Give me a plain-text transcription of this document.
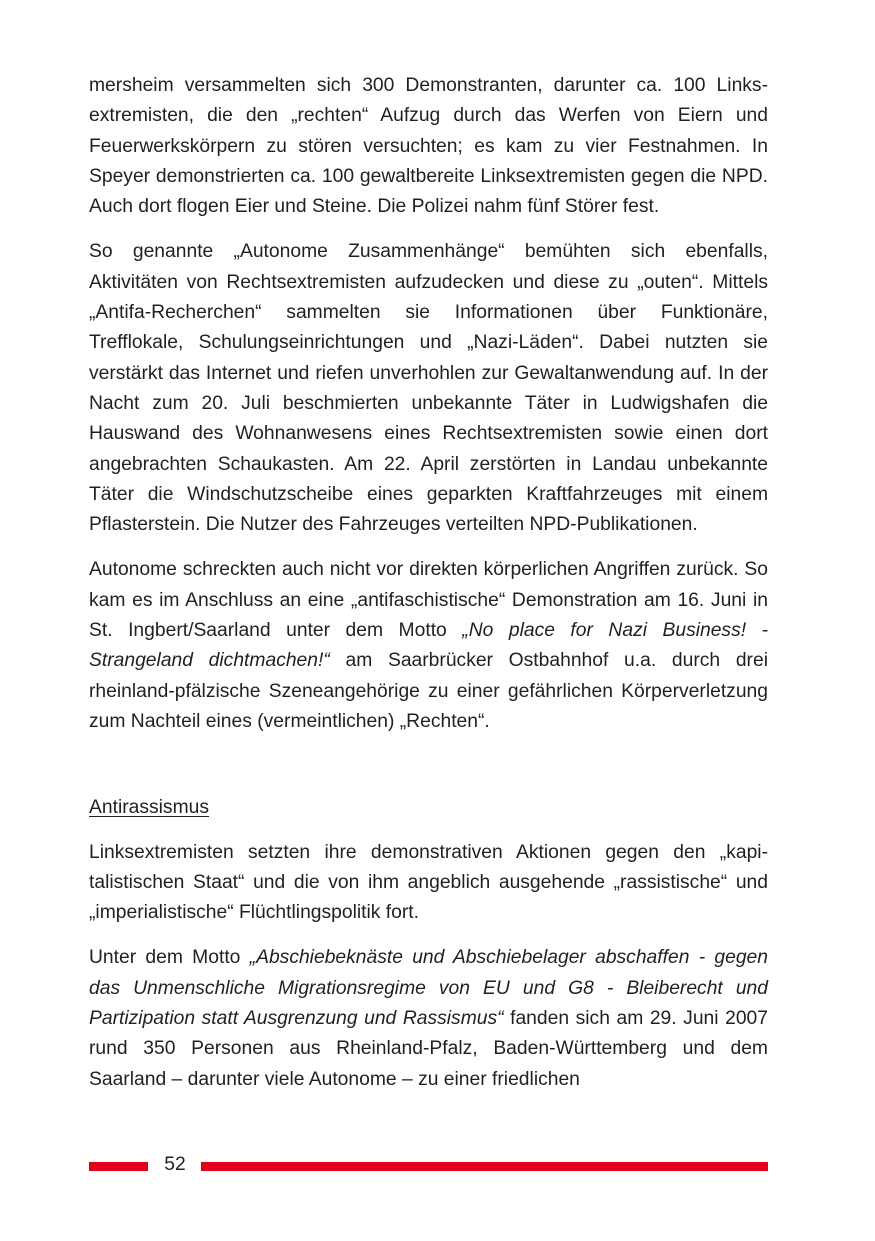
mersheim versammelten sich 300 Demonstranten, darunter ca. 100 Linksextremisten, die den „rechten“ Aufzug durch das Werfen von Eiern und Feuerwerkskörpern zu stören versuchten; es kam zu vier Festnahmen. In Speyer demonstrierten ca. 100 gewaltbereite Linksextremisten gegen die NPD. Auch dort flogen Eier und Steine. Die Polizei nahm fünf Störer fest.

So genannte „Autonome Zusammenhänge“ bemühten sich ebenfalls, Aktivitäten von Rechtsextremisten aufzudecken und diese zu „outen“. Mittels „Antifa-Recherchen“ sammelten sie Informationen über Funktionäre, Trefflokale, Schulungseinrichtungen und „Nazi-Läden“. Dabei nutzten sie verstärkt das Internet und riefen unverhohlen zur Gewaltanwendung auf. In der Nacht zum 20. Juli beschmierten unbekannte Täter in Ludwigshafen die Hauswand des Wohnanwesens eines Rechtsextremisten sowie einen dort angebrachten Schaukasten. Am 22. April zerstörten in Landau unbekannte Täter die Windschutzscheibe eines geparkten Kraftfahrzeuges mit einem Pflasterstein. Die Nutzer des Fahrzeuges verteilten NPD-Publikationen.

Autonome schreckten auch nicht vor direkten körperlichen Angriffen zurück. So kam es im Anschluss an eine „antifaschistische“ Demonstration am 16. Juni in St. Ingbert/Saarland unter dem Motto „No place for Nazi Business! - Strangeland dichtmachen!“ am Saarbrücker Ostbahnhof u.a. durch drei rheinland-pfälzische Szeneangehörige zu einer gefährlichen Körperverletzung zum Nachteil eines (vermeintlichen) „Rechten“.

Antirassismus

Linksextremisten setzten ihre demonstrativen Aktionen gegen den „kapitalistischen Staat“ und die von ihm angeblich ausgehende „rassistische“ und „imperialistische“ Flüchtlingspolitik fort.

Unter dem Motto „Abschiebeknäste und Abschiebelager abschaffen - gegen das Unmenschliche Migrationsregime von EU und G8 - Bleiberecht und Partizipation statt Ausgrenzung und Rassismus“ fanden sich am 29. Juni 2007 rund 350 Personen aus Rheinland-Pfalz, Baden-Württemberg und dem Saarland – darunter viele Autonome – zu einer friedlichen

52
